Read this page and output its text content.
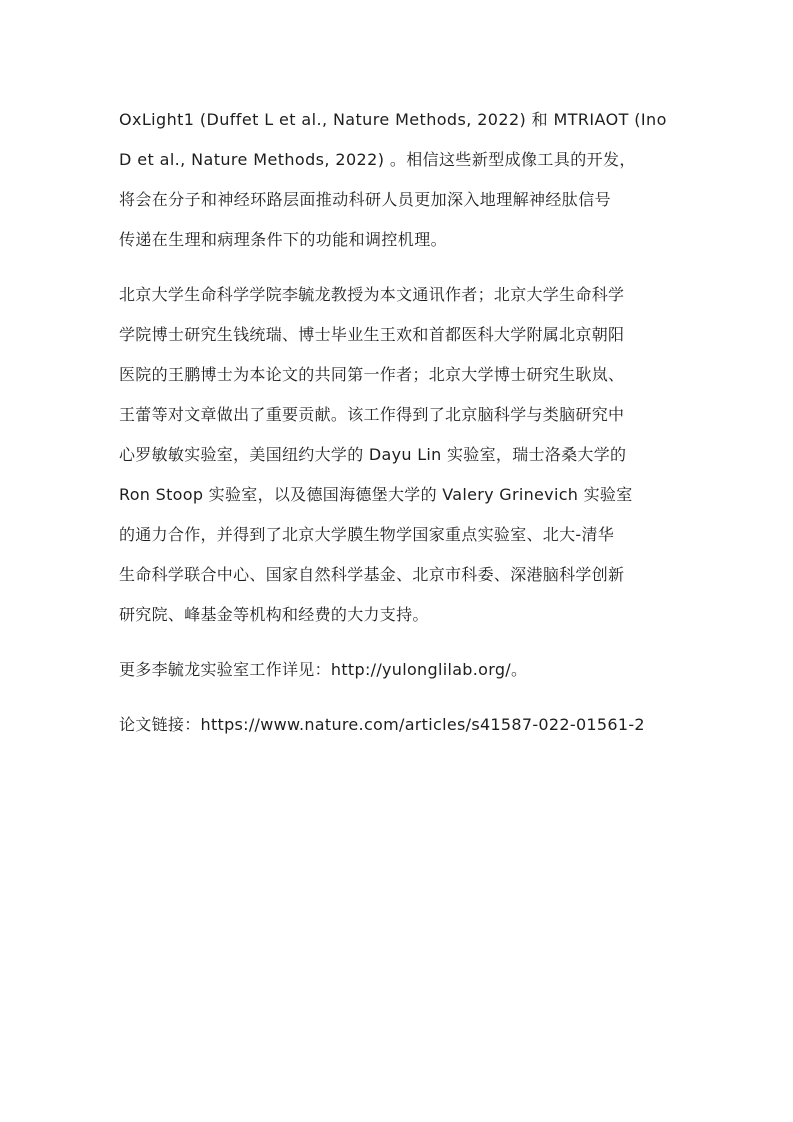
OxLight1 (Duffet L et al., Nature Methods, 2022) 和 MTRIAOT (Ino
D et al., Nature Methods, 2022) 。相信这些新型成像工具的开发，
将会在分子和神经环路层面推动科研人员更加深入地理解神经肽信号
传递在生理和病理条件下的功能和调控机理。
北京大学生命科学学院李毓龙教授为本文通讯作者；北京大学生命科学
学院博士研究生钱统瑞、博士毕业生王欢和首都医科大学附属北京朝阳
医院的王鹏博士为本论文的共同第一作者；北京大学博士研究生耿岚、
王蕾等对文章做出了重要贡献。该工作得到了北京脑科学与类脑研究中
心罗敏敏实验室，美国纽约大学的 Dayu Lin 实验室，瑞士洛桑大学的
Ron Stoop 实验室，以及德国海德堡大学的 Valery Grinevich 实验室
的通力合作，并得到了北京大学膜生物学国家重点实验室、北大-清华
生命科学联合中心、国家自然科学基金、北京市科委、深港脑科学创新
研究院、峰基金等机构和经费的大力支持。
更多李毓龙实验室工作详见：http://yulonglilab.org/。
论文链接：https://www.nature.com/articles/s41587-022-01561-2
